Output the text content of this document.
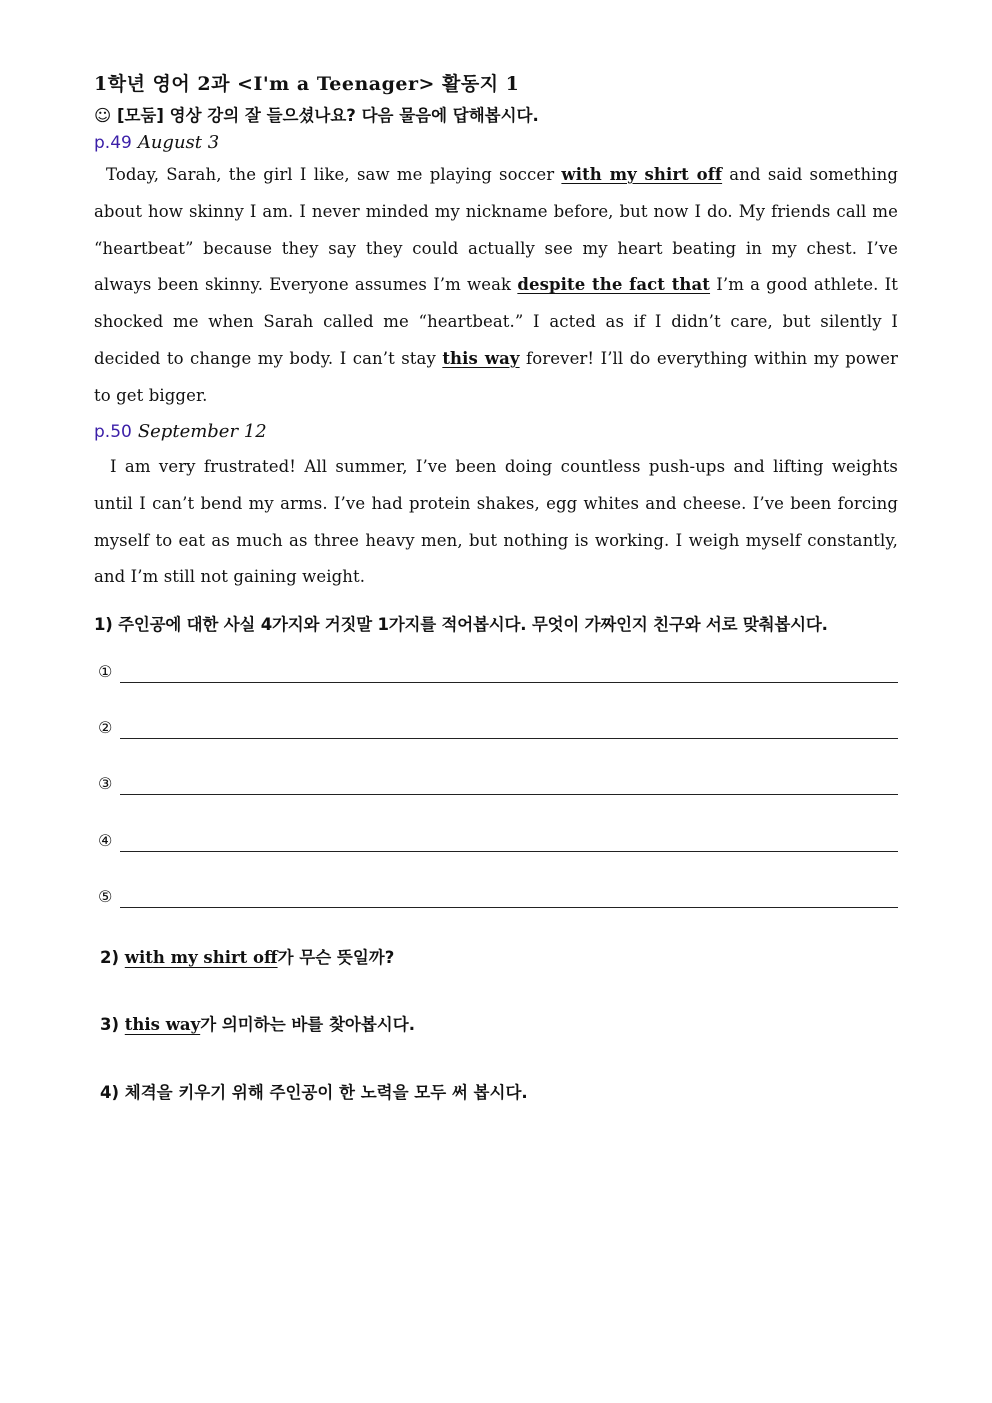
1학년 영어 2과 <I'm a Teenager> 활동지 1
☺ [모둠] 영상 강의 잘 들으셨나요? 다음 물음에 답해봅시다.
p.49 August 3
Today, Sarah, the girl I like, saw me playing soccer with my shirt off and said something about how skinny I am. I never minded my nickname before, but now I do. My friends call me “heartbeat” because they say they could actually see my heart beating in my chest. I’ve always been skinny. Everyone assumes I’m weak despite the fact that I’m a good athlete. It shocked me when Sarah called me “heartbeat.” I acted as if I didn’t care, but silently I decided to change my body. I can’t stay this way forever! I’ll do everything within my power to get bigger.
p.50 September 12
I am very frustrated! All summer, I’ve been doing countless push-ups and lifting weights until I can’t bend my arms. I’ve had protein shakes, egg whites and cheese. I’ve been forcing myself to eat as much as three heavy men, but nothing is working. I weigh myself constantly, and I’m still not gaining weight.
1) 주인공에 대한 사실 4가지와 거짓말 1가지를 적어봅시다. 무엇이 가짜인지 친구와 서로 맞춰봅시다.
①
②
③
④
⑤
2) with my shirt off가 무슨 뜻일까?
3) this way가 의미하는 바를 찾아봅시다.
4) 체격을 키우기 위해 주인공이 한 노력을 모두 써 봅시다.
